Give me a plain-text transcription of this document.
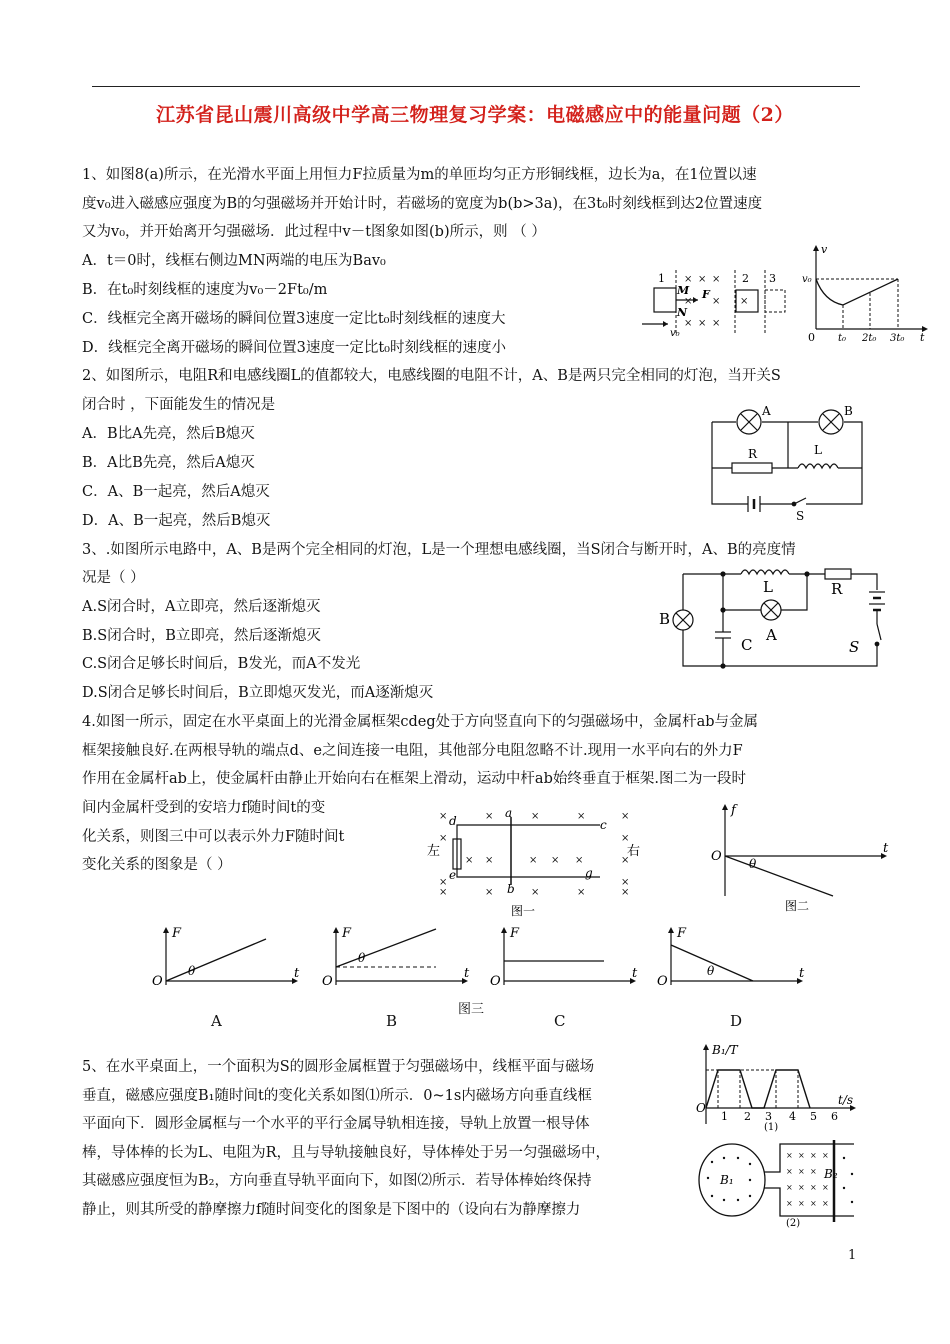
江苏省昆山震川高级中学高三物理复习学案：电磁感应中的能量问题（2）
1、如图8(a)所示，在光滑水平面上用恒力F拉质量为m的单匝均匀正方形铜线框，边长为a，在1位置以速
度v₀进入磁感应强度为B的匀强磁场并开始计时，若磁场的宽度为b(b>3a)，在3t₀时刻线框到达2位置速度
又为v₀，并开始离开匀强磁场．此过程中v－t图象如图(b)所示，则 （ ）
A．t＝0时，线框右侧边MN两端的电压为Bav₀
B．在t₀时刻线框的速度为v₀－2Ft₀/m
C．线框完全离开磁场的瞬间位置3速度一定比t₀时刻线框的速度大
D．线框完全离开磁场的瞬间位置3速度一定比t₀时刻线框的速度小
× × ×
× × ×
× × ×
1	2 3
M
N
F
v₀
v
v₀
0 t₀ 2t₀ 3t₀ t
2、如图所示，电阻R和电感线圈L的值都较大，电感线圈的电阻不计，A、B是两只完全相同的灯泡，当开关S
闭合时 ，下面能发生的情况是
A．B比A先亮，然后B熄灭
B．A比B先亮，然后A熄灭
C．A、B一起亮，然后A熄灭
D．A、B一起亮，然后B熄灭
A	B
R	L
S
3、.如图所示电路中，A、B是两个完全相同的灯泡，L是一个理想电感线圈，当S闭合与断开时，A、B的亮度情
况是（ ）
A.S闭合时，A立即亮，然后逐渐熄灭
B.S闭合时，B立即亮，然后逐渐熄灭
C.S闭合足够长时间后，B发光，而A不发光
D.S闭合足够长时间后，B立即熄灭发光，而A逐渐熄灭
L	R
B
A
C	S
4.如图一所示，固定在水平桌面上的光滑金属框架cdeg处于方向竖直向下的匀强磁场中，金属杆ab与金属
框架接触良好.在两根导轨的端点d、e之间连接一电阻，其他部分电阻忽略不计.现用一水平向右的外力F
作用在金属杆ab上，使金属杆由静止开始向右在框架上滑动，运动中杆ab始终垂直于框架.图二为一段时
间内金属杆受到的安培力f随时间t的变
化关系，则图三中可以表示外力F随时间t
变化关系的图象是（ ）
×	×	×	×	×
×	×
× ×	× × ×	×
×	×
×	×	×	×	×
左	右
a
b
c
d
e	g
图一
f
O
t
θ
图二
F
O
t
θ
F
O
t
θ
F
O
t
F
O
t
θ
图三
A	B	C	D
5、在水平桌面上，一个面积为S的圆形金属框置于匀强磁场中，线框平面与磁场
垂直，磁感应强度B₁随时间t的变化关系如图⑴所示．0~1s内磁场方向垂直线框
平面向下．圆形金属框与一个水平的平行金属导轨相连接，导轨上放置一根导体
棒，导体棒的长为L、电阻为R，且与导轨接触良好，导体棒处于另一匀强磁场中，
其磁感应强度恒为B₂，方向垂直导轨平面向下，如图⑵所示．若导体棒始终保持
静止，则其所受的静摩擦力f随时间变化的图象是下图中的（设向右为静摩擦力
B₁/T
O
t/s
1 2 3 4 5 6
(1)
× × × ×
× × ×
× × × ×
× × × ×
B₁	B₂
(2)
1
